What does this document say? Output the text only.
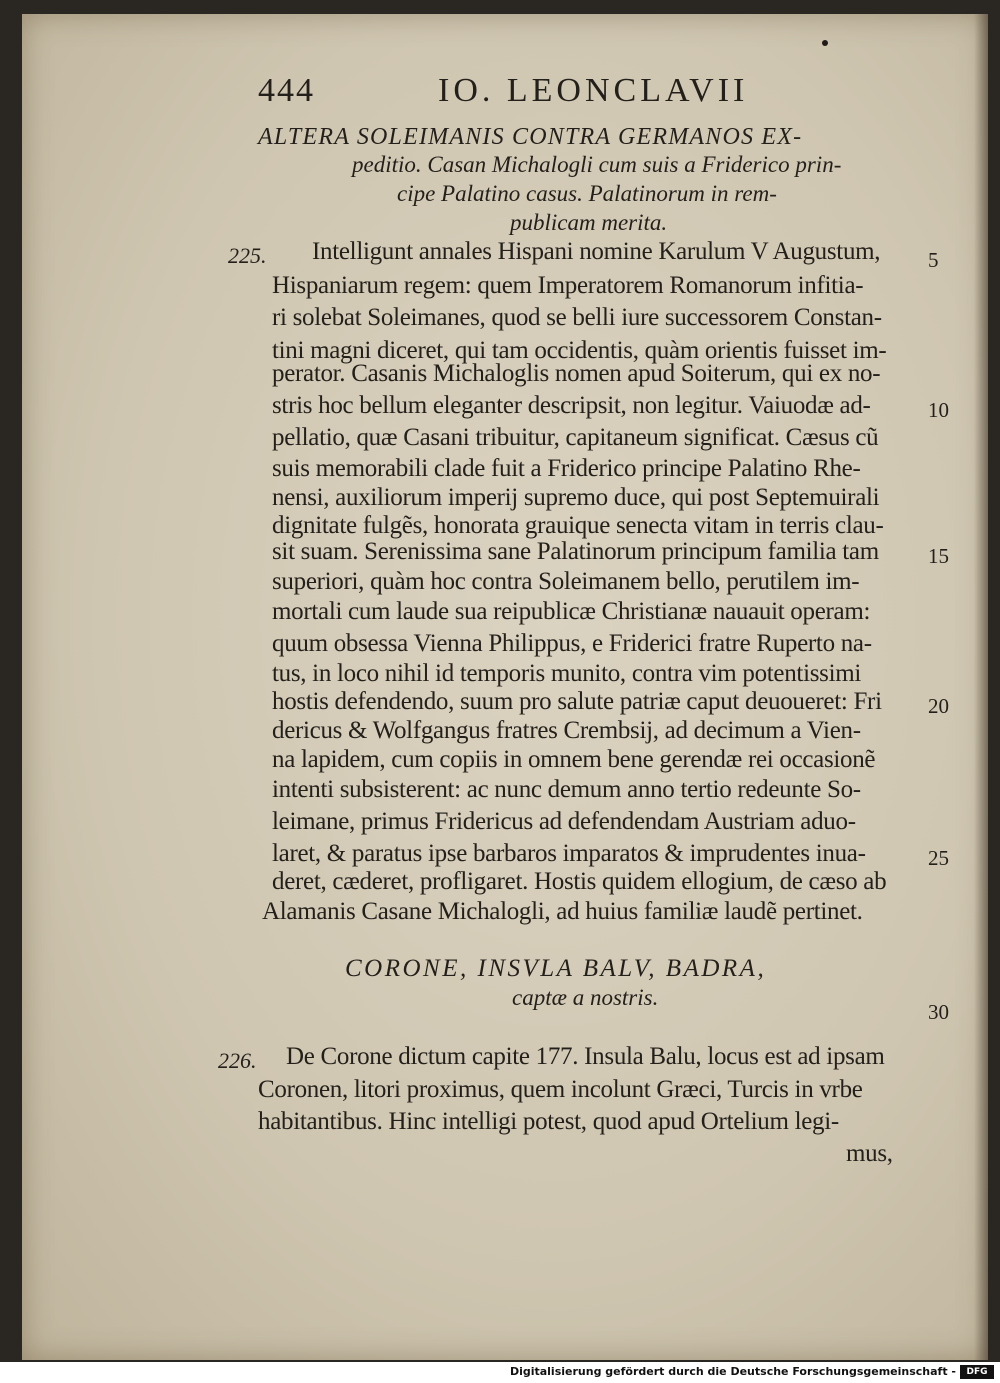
444	IO. LEONCLAVII
ALTERA SOLEIMANIS CONTRA GERMANOS EX-
peditio. Casan Michalogli cum suis a Friderico prin-
cipe Palatino casus. Palatinorum in rem-
publicam merita.
225. Intelligunt annales Hispani nomine Karulum V Augustum,
Hispaniarum regem: quem Imperatorem Romanorum infitia-
ri solebat Soleimanes, quod se belli iure successorem Constan-
tini magni diceret, qui tam occidentis, quàm orientis fuisset im-
perator. Casanis Michaloglis nomen apud Soiterum, qui ex no-
stris hoc bellum eleganter descripsit, non legitur. Vaiuodæ ad-
pellatio, quæ Casani tribuitur, capitaneum significat. Cæsus cũ
suis memorabili clade fuit a Friderico principe Palatino Rhe-
nensi, auxiliorum imperij supremo duce, qui post Septemuirali
dignitate fulgẽs, honorata grauique senecta vitam in terris clau-
sit suam. Serenissima sane Palatinorum principum familia tam
superiori, quàm hoc contra Soleimanem bello, perutilem im-
mortali cum laude sua reipublicæ Christianæ nauauit operam:
quum obsessa Vienna Philippus, e Friderici fratre Ruperto na-
tus, in loco nihil id temporis munito, contra vim potentissimi
hostis defendendo, suum pro salute patriæ caput deuoueret: Fri
dericus & Wolfgangus fratres Crembsij, ad decimum a Vien-
na lapidem, cum copiis in omnem bene gerendæ rei occasionẽ
intenti subsisterent: ac nunc demum anno tertio redeunte So-
leimane, primus Fridericus ad defendendam Austriam aduo-
laret, & paratus ipse barbaros imparatos & imprudentes inua-
deret, cæderet, profligaret. Hostis quidem ellogium, de cæso ab
Alamanis Casane Michalogli, ad huius familiæ laudẽ pertinet.
CORONE, INSVLA BALV, BADRA,
captæ a nostris.
226. De Corone dictum capite 177. Insula Balu, locus est ad ipsam
Coronen, litori proximus, quem incolunt Græci, Turcis in vrbe
habitantibus. Hinc intelligi potest, quod apud Ortelium legi-
mus,
5
10
15
20
25
30
Digitalisierung gefördert durch die Deutsche Forschungsgemeinschaft -	DFG
